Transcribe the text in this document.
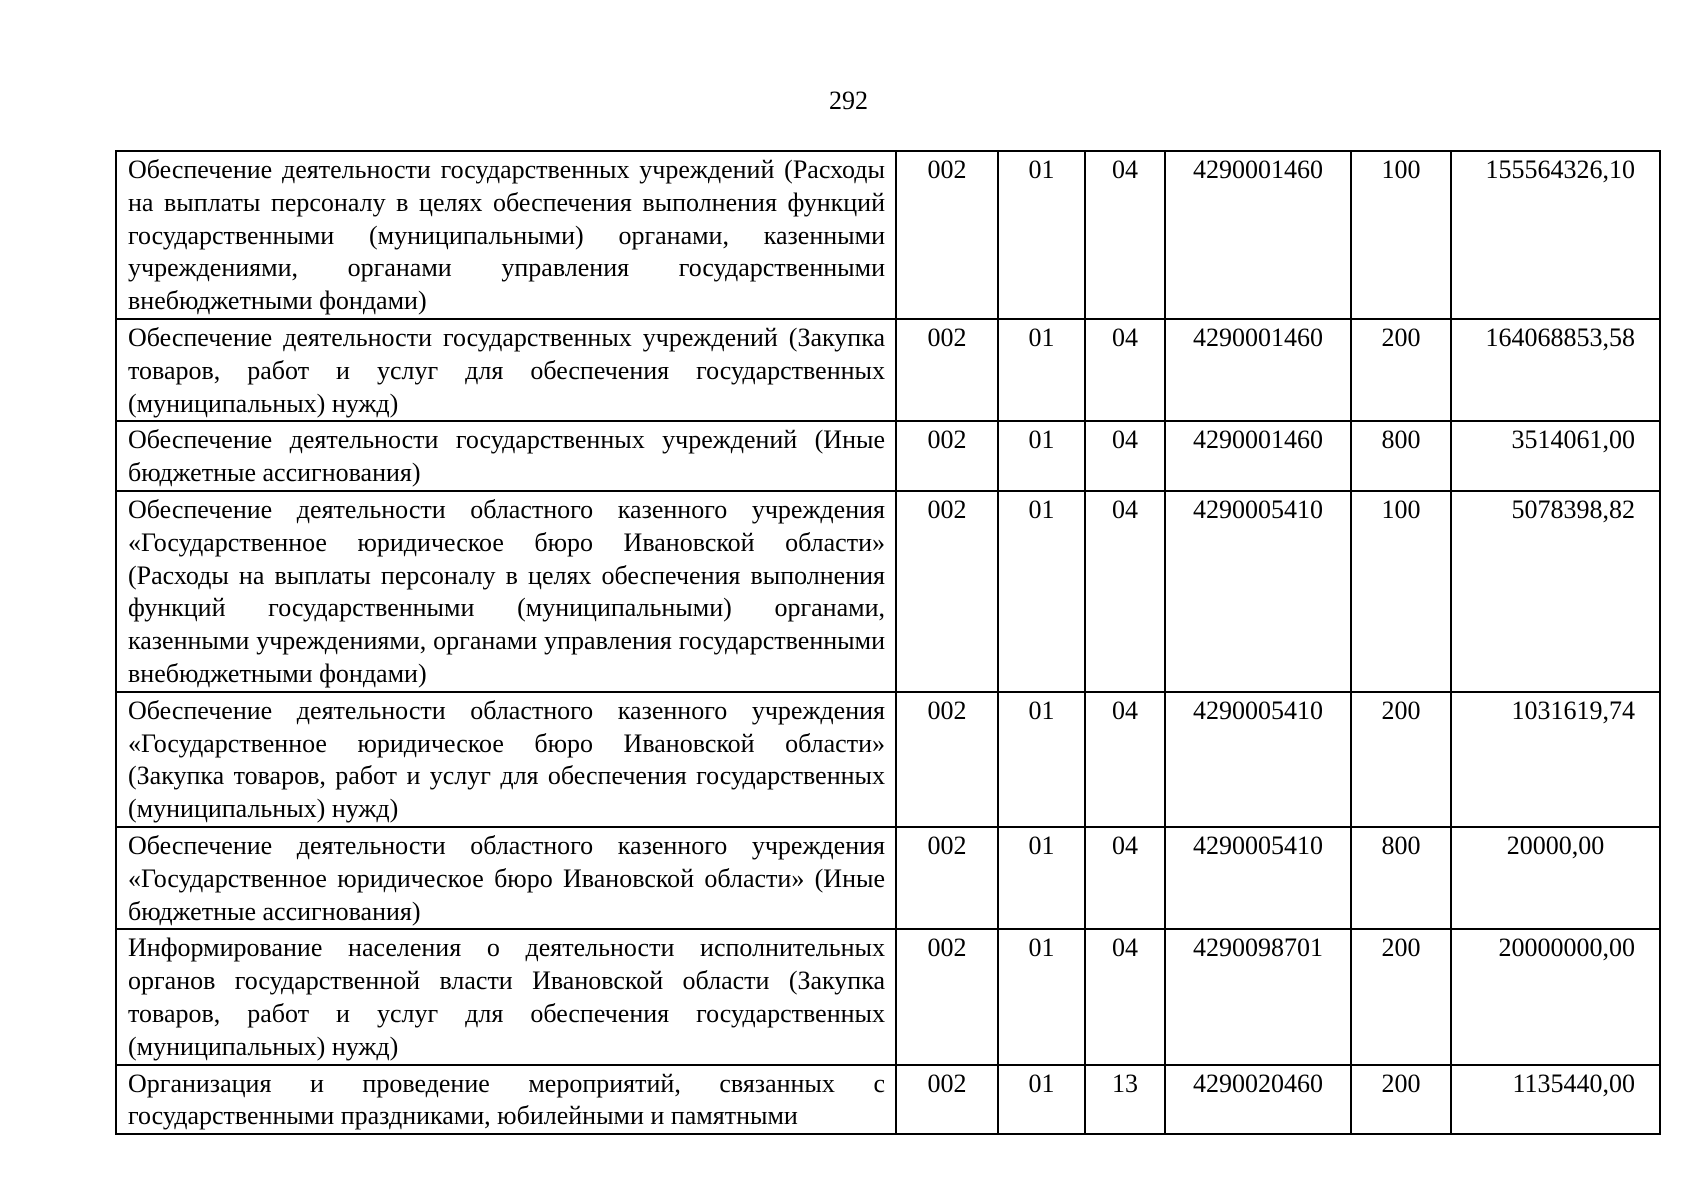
292
Обеспечение деятельности государственных учреждений (Расходы на выплаты персоналу в целях обеспечения выполнения функций государственными (муниципальными) органами, казенными учреждениями, органами управления государственными внебюджетными фондами)	002	01	04	4290001460	100	155564326,10
Обеспечение деятельности государственных учреждений (Закупка товаров, работ и услуг для обеспечения государственных (муниципальных) нужд)	002	01	04	4290001460	200	164068853,58
Обеспечение деятельности государственных учреждений (Иные бюджетные ассигнования)	002	01	04	4290001460	800	3514061,00
Обеспечение деятельности областного казенного учреждения «Государственное юридическое бюро Ивановской области» (Расходы на выплаты персоналу в целях обеспечения выполнения функций государственными (муниципальными) органами, казенными учреждениями, органами управления государственными внебюджетными фондами)	002	01	04	4290005410	100	5078398,82
Обеспечение деятельности областного казенного учреждения «Государственное юридическое бюро Ивановской области» (Закупка товаров, работ и услуг для обеспечения государственных (муниципальных) нужд)	002	01	04	4290005410	200	1031619,74
Обеспечение деятельности областного казенного учреждения «Государственное юридическое бюро Ивановской области» (Иные бюджетные ассигнования)	002	01	04	4290005410	800	20000,00
Информирование населения о деятельности исполнительных органов государственной власти Ивановской области (Закупка товаров, работ и услуг для обеспечения государственных (муниципальных) нужд)	002	01	04	4290098701	200	20000000,00
Организация и проведение мероприятий, связанных с государственными праздниками, юбилейными и памятными	002	01	13	4290020460	200	1135440,00
